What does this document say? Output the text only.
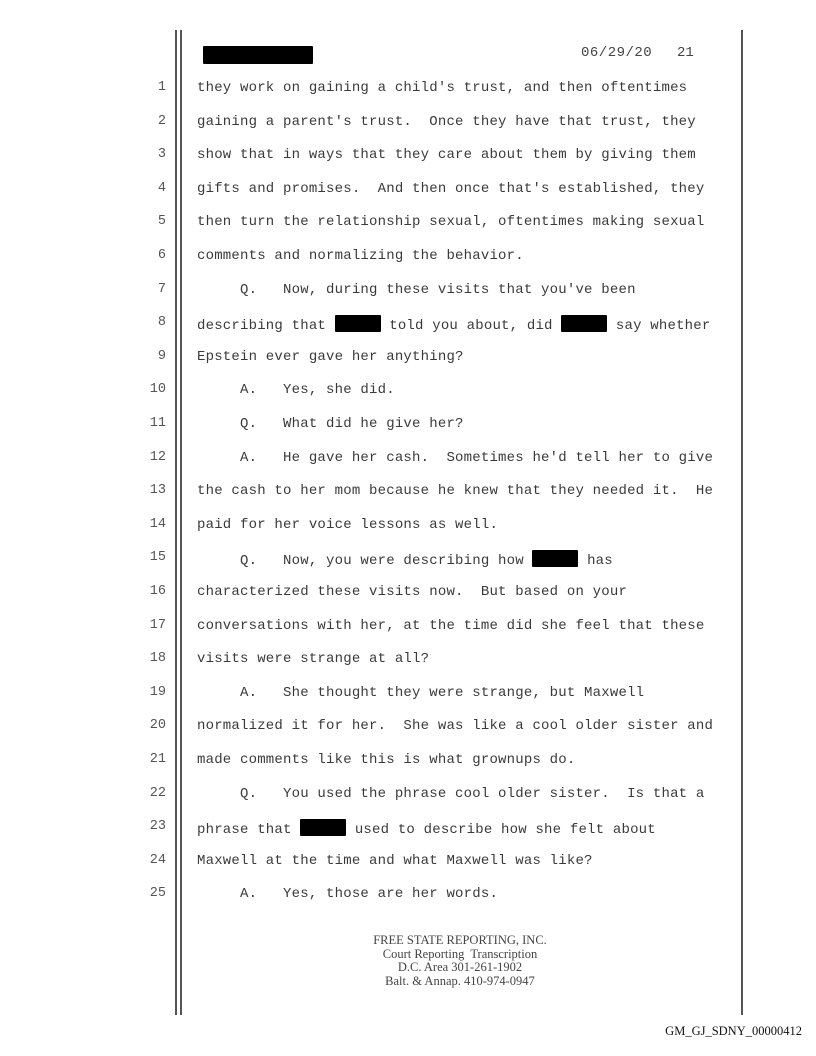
06/29/20 21
1 they work on gaining a child's trust, and then oftentimes
2 gaining a parent's trust.  Once they have that trust, they
3 show that in ways that they care about them by giving them
4 gifts and promises.  And then once that's established, they
5 then turn the relationship sexual, oftentimes making sexual
6 comments and normalizing the behavior.
7 Q.   Now, during these visits that you've been
8 describing that	told you about, did	say whether
9 Epstein ever gave her anything?
10 A.   Yes, she did.
11 Q.   What did he give her?
12 A.   He gave her cash.  Sometimes he'd tell her to give
13 the cash to her mom because he knew that they needed it.  He
14 paid for her voice lessons as well.
15 Q.   Now, you were describing how	has
16 characterized these visits now.  But based on your
17 conversations with her, at the time did she feel that these
18 visits were strange at all?
19 A.   She thought they were strange, but Maxwell
20 normalized it for her.  She was like a cool older sister and
21 made comments like this is what grownups do.
22 Q.   You used the phrase cool older sister.  Is that a
23 phrase that	used to describe how she felt about
24 Maxwell at the time and what Maxwell was like?
25 A.   Yes, those are her words.
FREE STATE REPORTING, INC.
Court Reporting  Transcription
D.C. Area 301-261-1902
Balt. & Annap. 410-974-0947
GM_GJ_SDNY_00000412
